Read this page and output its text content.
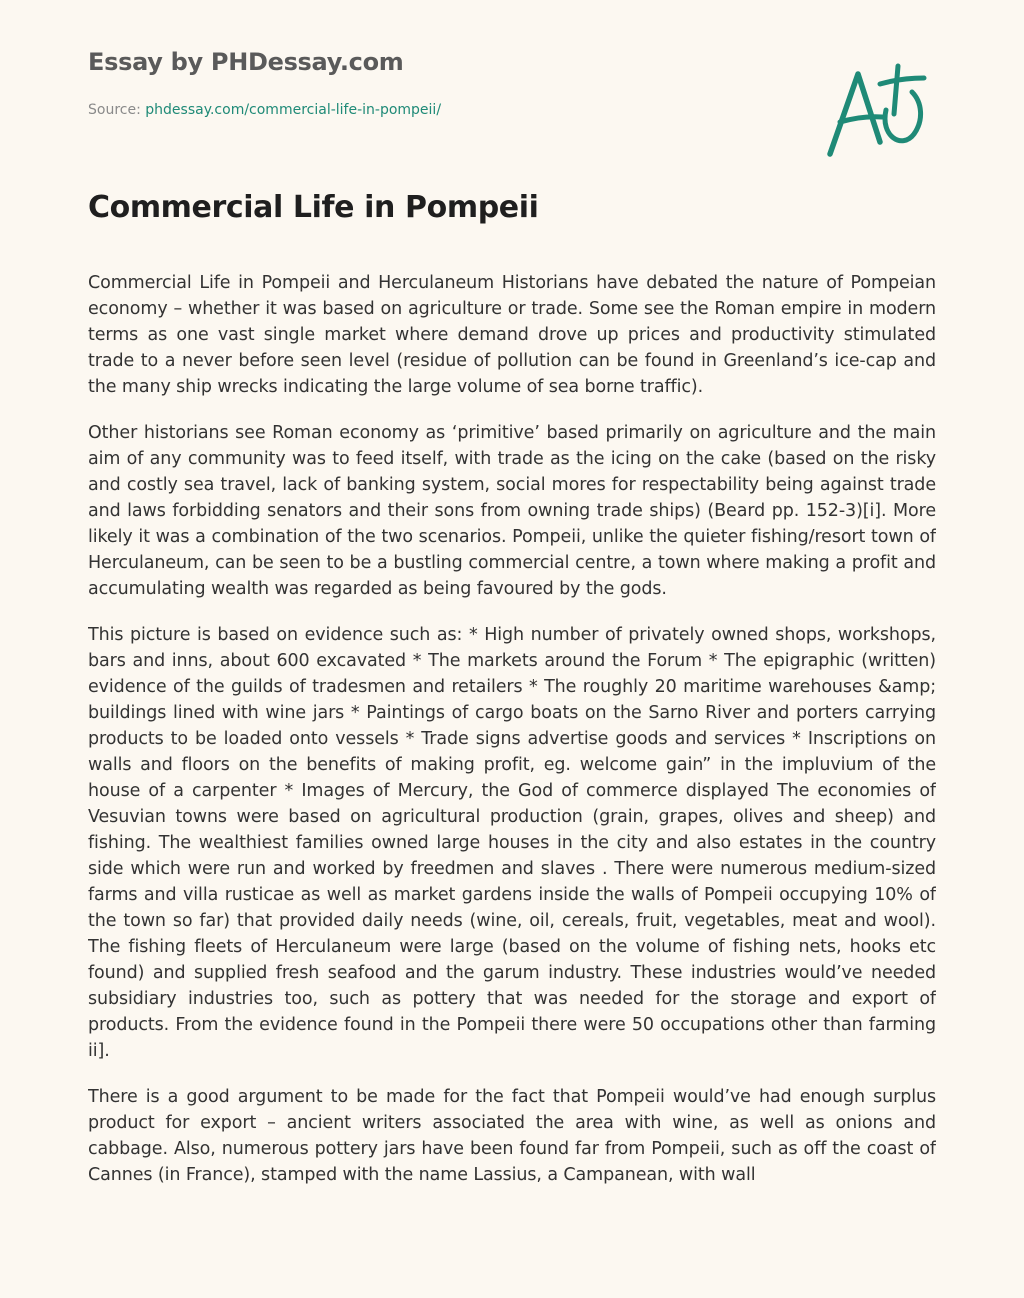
Essay by PHDessay.com
Source: phdessay.com/commercial-life-in-pompeii/
Commercial Life in Pompeii

Commercial Life in Pompeii and Herculaneum Historians have debated the nature of Pompeian economy – whether it was based on agriculture or trade. Some see the Roman empire in modern terms as one vast single market where demand drove up prices and productivity stimulated trade to a never before seen level (residue of pollution can be found in Greenland’s ice-cap and the many ship wrecks indicating the large volume of sea borne traffic).

Other historians see Roman economy as ‘primitive’ based primarily on agriculture and the main aim of any community was to feed itself, with trade as the icing on the cake (based on the risky and costly sea travel, lack of banking system, social mores for respectability being against trade and laws forbidding senators and their sons from owning trade ships) (Beard pp. 152-3)[i]. More likely it was a combination of the two scenarios. Pompeii, unlike the quieter fishing/resort town of Herculaneum, can be seen to be a bustling commercial centre, a town where making a profit and accumulating wealth was regarded as being favoured by the gods.

This picture is based on evidence such as: * High number of privately owned shops, workshops, bars and inns, about 600 excavated * The markets around the Forum * The epigraphic (written) evidence of the guilds of tradesmen and retailers * The roughly 20 maritime warehouses &amp; buildings lined with wine jars * Paintings of cargo boats on the Sarno River and porters carrying products to be loaded onto vessels * Trade signs advertise goods and services * Inscriptions on walls and floors on the benefits of making profit, eg. welcome gain” in the impluvium of the house of a carpenter * Images of Mercury, the God of commerce displayed The economies of Vesuvian towns were based on agricultural production (grain, grapes, olives and sheep) and fishing. The wealthiest families owned large houses in the city and also estates in the country side which were run and worked by freedmen and slaves . There were numerous medium-sized farms and villa rusticae as well as market gardens inside the walls of Pompeii occupying 10% of the town so far) that provided daily needs (wine, oil, cereals, fruit, vegetables, meat and wool). The fishing fleets of Herculaneum were large (based on the volume of fishing nets, hooks etc found) and supplied fresh seafood and the garum industry. These industries would’ve needed subsidiary industries too, such as pottery that was needed for the storage and export of products. From the evidence found in the Pompeii there were 50 occupations other than farming ii].

There is a good argument to be made for the fact that Pompeii would’ve had enough surplus product for export – ancient writers associated the area with wine, as well as onions and cabbage. Also, numerous pottery jars have been found far from Pompeii, such as off the coast of Cannes (in France), stamped with the name Lassius, a Campanean, with wall
